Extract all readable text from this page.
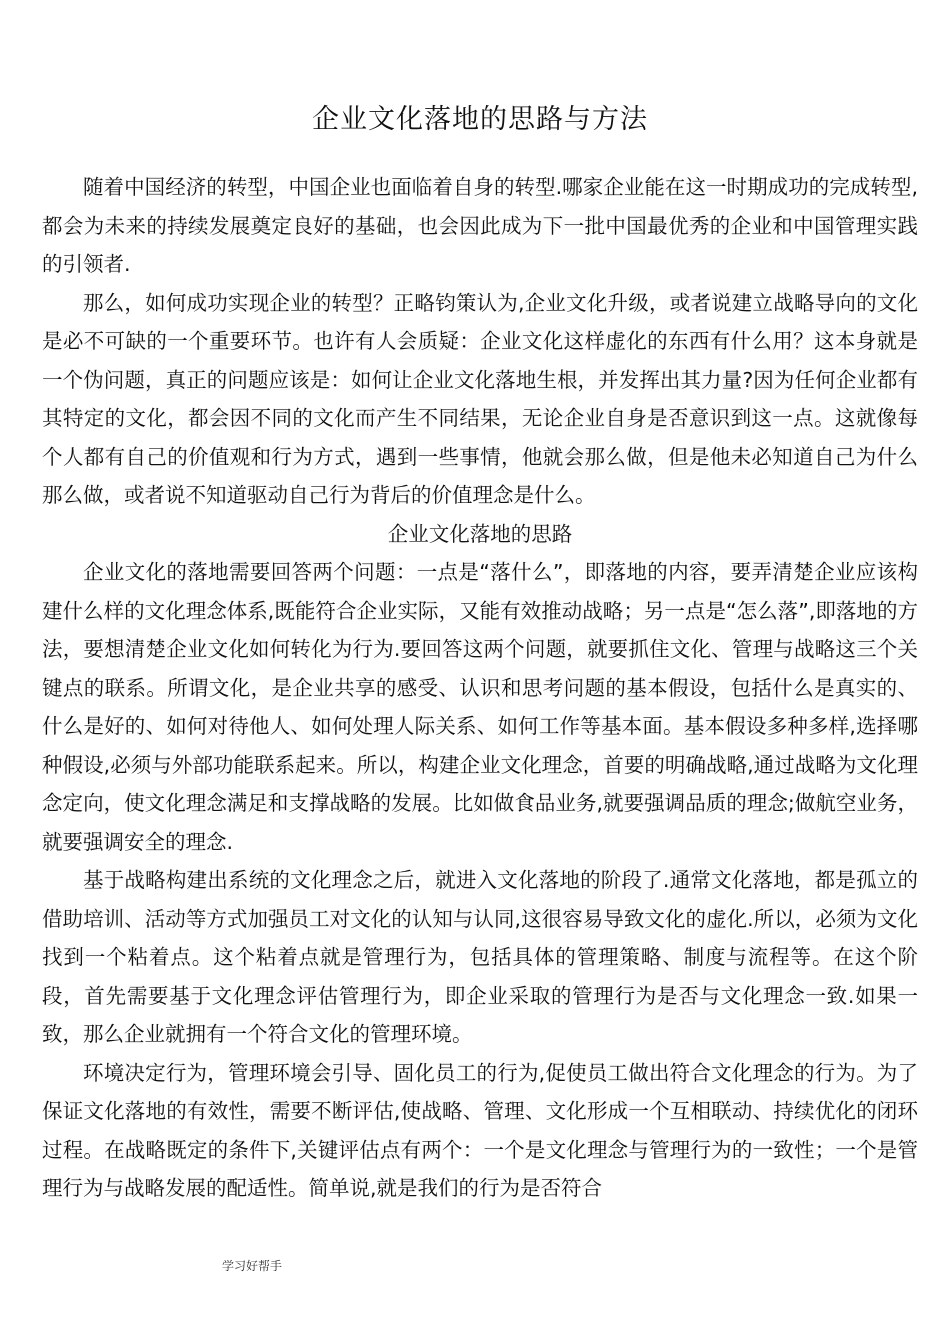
企业文化落地的思路与方法

随着中国经济的转型，中国企业也面临着自身的转型.哪家企业能在这一时期成功的完成转型,都会为未来的持续发展奠定良好的基础，也会因此成为下一批中国最优秀的企业和中国管理实践的引领者.

那么，如何成功实现企业的转型？正略钧策认为,企业文化升级，或者说建立战略导向的文化是必不可缺的一个重要环节。也许有人会质疑：企业文化这样虚化的东西有什么用？这本身就是一个伪问题，真正的问题应该是：如何让企业文化落地生根，并发挥出其力量?因为任何企业都有其特定的文化，都会因不同的文化而产生不同结果，无论企业自身是否意识到这一点。这就像每个人都有自己的价值观和行为方式，遇到一些事情，他就会那么做，但是他未必知道自己为什么那么做，或者说不知道驱动自己行为背后的价值理念是什么。

企业文化落地的思路

企业文化的落地需要回答两个问题：一点是“落什么”，即落地的内容，要弄清楚企业应该构建什么样的文化理念体系,既能符合企业实际，又能有效推动战略；另一点是“怎么落”,即落地的方法，要想清楚企业文化如何转化为行为.要回答这两个问题，就要抓住文化、管理与战略这三个关键点的联系。所谓文化，是企业共享的感受、认识和思考问题的基本假设，包括什么是真实的、什么是好的、如何对待他人、如何处理人际关系、如何工作等基本面。基本假设多种多样,选择哪种假设,必须与外部功能联系起来。所以，构建企业文化理念，首要的明确战略,通过战略为文化理念定向，使文化理念满足和支撑战略的发展。比如做食品业务,就要强调品质的理念;做航空业务，就要强调安全的理念.

基于战略构建出系统的文化理念之后，就进入文化落地的阶段了.通常文化落地，都是孤立的借助培训、活动等方式加强员工对文化的认知与认同,这很容易导致文化的虚化.所以，必须为文化找到一个粘着点。这个粘着点就是管理行为，包括具体的管理策略、制度与流程等。在这个阶段，首先需要基于文化理念评估管理行为，即企业采取的管理行为是否与文化理念一致.如果一致，那么企业就拥有一个符合文化的管理环境。

环境决定行为，管理环境会引导、固化员工的行为,促使员工做出符合文化理念的行为。为了保证文化落地的有效性，需要不断评估,使战略、管理、文化形成一个互相联动、持续优化的闭环过程。在战略既定的条件下,关键评估点有两个：一个是文化理念与管理行为的一致性；一个是管理行为与战略发展的配适性。简单说,就是我们的行为是否符合

学习好帮手
